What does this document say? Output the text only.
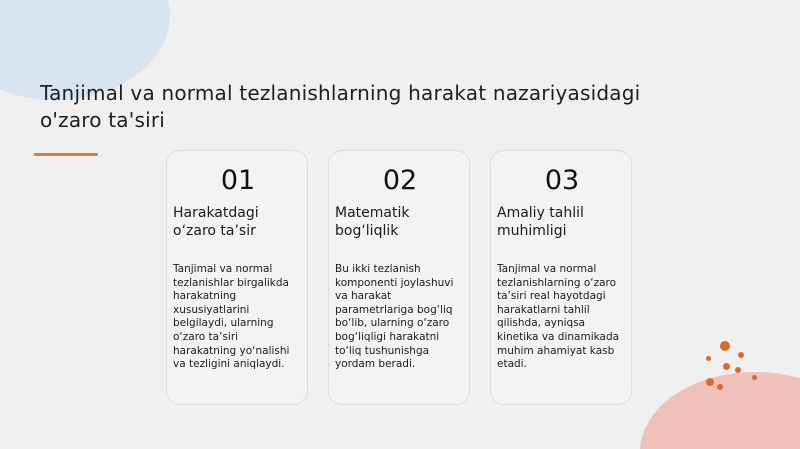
Tanjimal va normal tezlanishlarning harakat nazariyasidagi o'zaro ta'siri
01
Harakatdagi o‘zaro ta’sir
Tanjimal va normal tezlanishlar birgalikda harakatning xususiyatlarini belgilaydi, ularning o‘zaro ta’siri harakatning yo‘nalishi va tezligini aniqlaydi.
02
Matematik bog‘liqlik
Bu ikki tezlanish komponenti joylashuvi va harakat parametrlariga bog‘liq bo‘lib, ularning o‘zaro bog‘liqligi harakatni to‘liq tushunishga yordam beradi.
03
Amaliy tahlil muhimligi
Tanjimal va normal tezlanishlarning o‘zaro ta’siri real hayotdagi harakatlarni tahlil qilishda, ayniqsa kinetika va dinamikada muhim ahamiyat kasb etadi.
